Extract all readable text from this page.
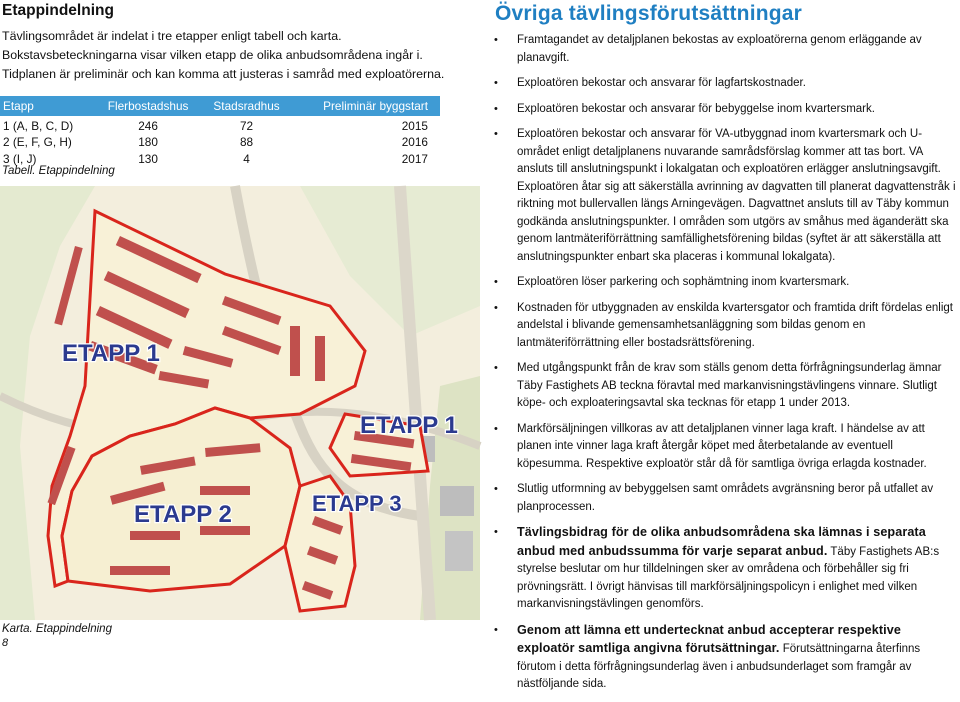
Etappindelning
Tävlingsområdet är indelat i tre etapper enligt tabell och karta. Bokstavsbeteckningarna visar vilken etapp de olika anbudsområdena ingår i. Tidplanen är preliminär och kan komma att justeras i samråd med exploatörerna.
Etapp	Flerbostadshus	Stadsradhus	Preliminär byggstart
1 (A, B, C, D)	246	72	2015
2 (E, F, G, H)	180	88	2016
3 (I, J)	130	4	2017
Tabell. Etappindelning
ETAPP 1
ETAPP 1
ETAPP 2	ETAPP 3
Karta. Etappindelning
8
Övriga tävlingsförutsättningar
• Framtagandet av detaljplanen bekostas av exploatörerna genom erläggande av planavgift.
• Exploatören bekostar och ansvarar för lagfartskostnader.
• Exploatören bekostar och ansvarar för bebyggelse inom kvartersmark.
• Exploatören bekostar och ansvarar för VA-utbyggnad inom kvartersmark och U-området enligt detaljplanens nuvarande samrådsförslag kommer att tas bort. VA ansluts till anslutningspunkt i lokalgatan och exploatören erlägger anslutningsavgift. Exploatören åtar sig att säkerställa avrinning av dagvatten till planerat dagvattenstråk i riktning mot bullervallen längs Arningevägen. Dagvattnet ansluts till av Täby kommun godkända anslutningspunkter. I områden som utgörs av småhus med äganderätt ska genom lantmäteriförrättning samfällighetsförening bildas (syftet är att säkerställa att anslutningspunkter enbart ska placeras i kommunal lokalgata).
• Exploatören löser parkering och sophämtning inom kvartersmark.
• Kostnaden för utbyggnaden av enskilda kvartersgator och framtida drift fördelas enligt andelstal i blivande gemensamhetsanläggning som bildas genom en lantmäteriförrättning eller bostadsrättsförening.
• Med utgångspunkt från de krav som ställs genom detta förfrågningsunderlag ämnar Täby Fastighets AB teckna föravtal med markanvisningstävlingens vinnare. Slutligt köpe- och exploateringsavtal ska tecknas för etapp 1 under 2013.
• Markförsäljningen villkoras av att detaljplanen vinner laga kraft. I händelse av att planen inte vinner laga kraft återgår köpet med återbetalande av eventuell köpesumma. Respektive exploatör står då för samtliga övriga erlagda kostnader.
• Slutlig utformning av bebyggelsen samt områdets avgränsning beror på utfallet av planprocessen.
• Tävlingsbidrag för de olika anbudsområdena ska lämnas i separata anbud med anbudssumma för varje separat anbud. Täby Fastighets AB:s styrelse beslutar om hur tilldelningen sker av områdena och förbehåller sig fri prövningsrätt. I övrigt hänvisas till markförsäljningspolicyn i enlighet med vilken markanvisningstävlingen genomförs.
• Genom att lämna ett undertecknat anbud accepterar respektive exploatör samtliga angivna förutsättningar. Förutsättningarna återfinns förutom i detta förfrågningsunderlag även i anbudsunderlaget som framgår av nästföljande sida.
